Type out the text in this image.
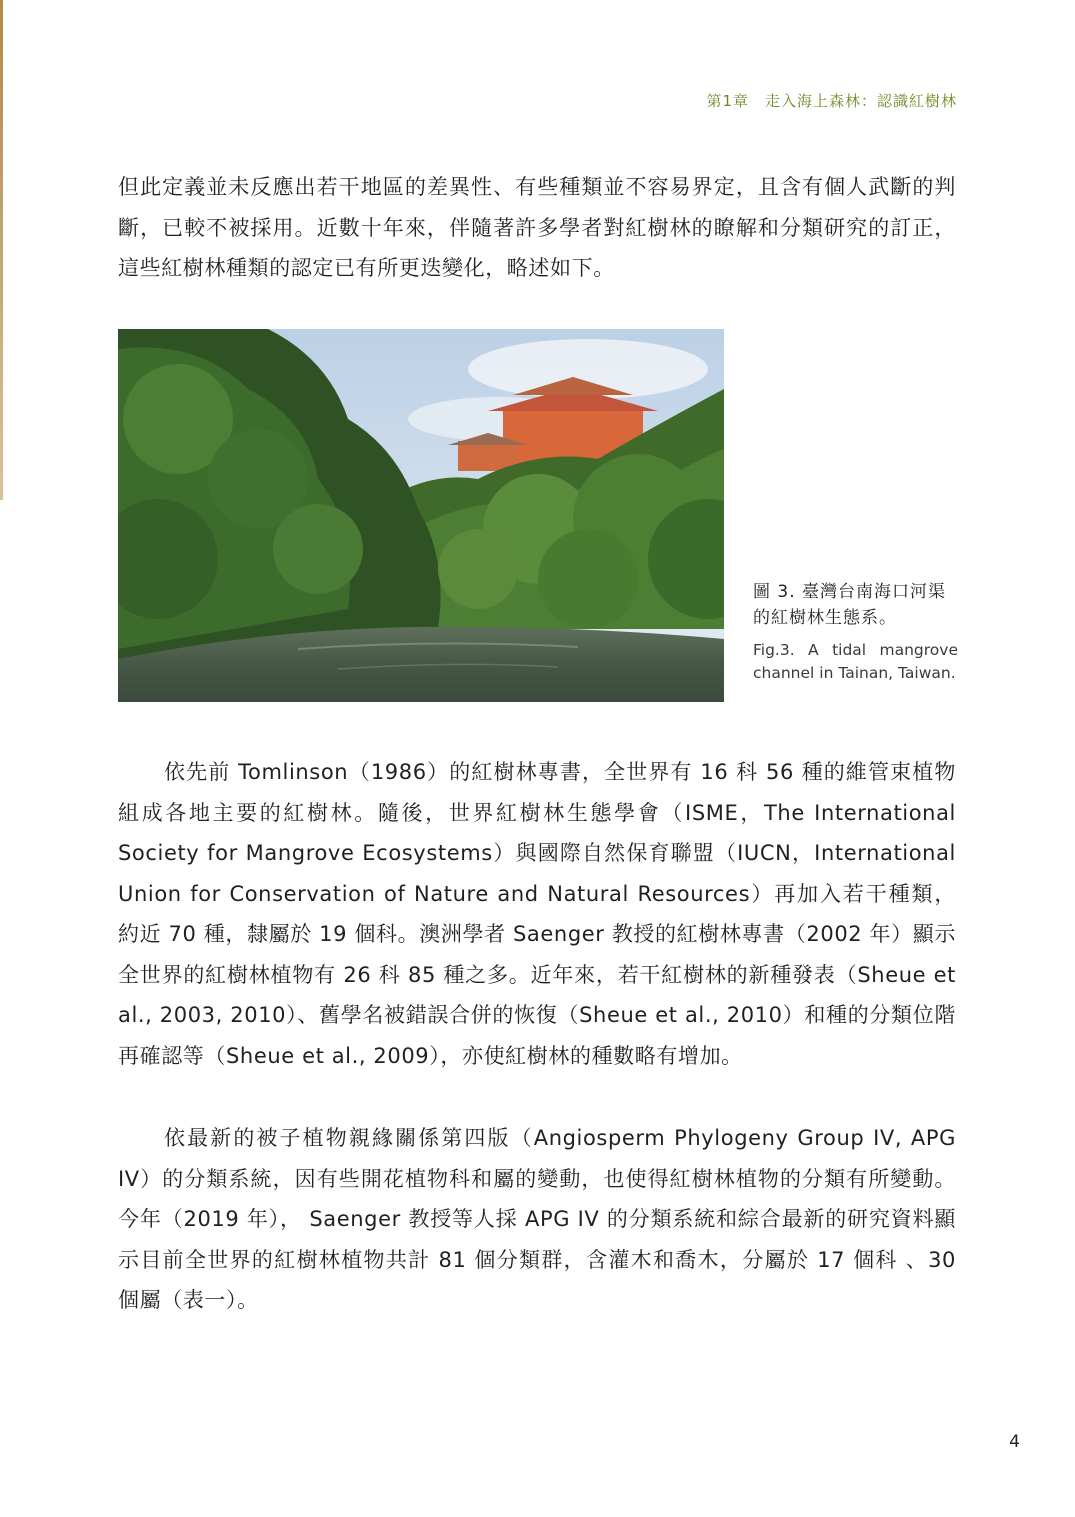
第1章　走入海上森林：認識紅樹林

但此定義並未反應出若干地區的差異性、有些種類並不容易界定，且含有個人武斷的判斷，已較不被採用。近數十年來，伴隨著許多學者對紅樹林的瞭解和分類研究的訂正，這些紅樹林種類的認定已有所更迭變化，略述如下。

圖 3. 臺灣台南海口河渠的紅樹林生態系。

Fig.3. A tidal mangrove channel in Tainan, Taiwan.

依先前 Tomlinson（1986）的紅樹林專書，全世界有 16 科 56 種的維管束植物組成各地主要的紅樹林。隨後，世界紅樹林生態學會（ISME，The International Society for Mangrove Ecosystems）與國際自然保育聯盟（IUCN，International Union for Conservation of Nature and Natural Resources）再加入若干種類，約近 70 種，隸屬於 19 個科。澳洲學者 Saenger 教授的紅樹林專書（2002 年）顯示全世界的紅樹林植物有 26 科 85 種之多。近年來，若干紅樹林的新種發表（Sheue et al., 2003, 2010）、舊學名被錯誤合併的恢復（Sheue et al., 2010）和種的分類位階再確認等（Sheue et al., 2009），亦使紅樹林的種數略有增加。

依最新的被子植物親緣關係第四版（Angiosperm Phylogeny Group IV, APG IV）的分類系統，因有些開花植物科和屬的變動，也使得紅樹林植物的分類有所變動。今年（2019 年）， Saenger 教授等人採 APG IV 的分類系統和綜合最新的研究資料顯示目前全世界的紅樹林植物共計 81 個分類群，含灌木和喬木，分屬於 17 個科 、30 個屬（表一）。

4
